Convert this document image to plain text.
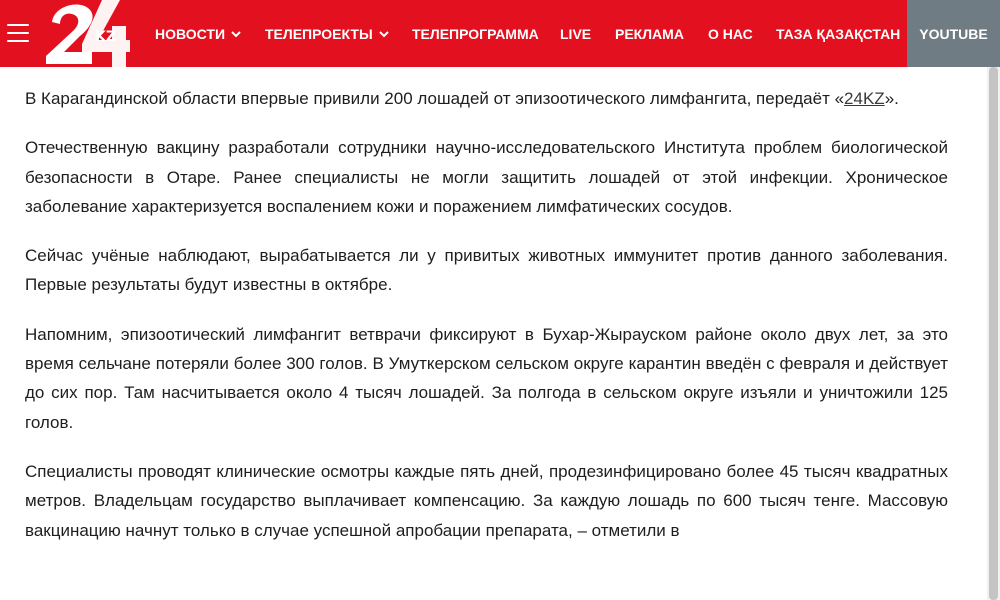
KZ	НОВОСТИ	ТЕЛЕПРОЕКТЫ	ТЕЛЕПРОГРАММА LIVE РЕКЛАМА О НАС ТАЗА ҚАЗАҚСТАН YOUTUBE

В Карагандинской области впервые привили 200 лошадей от эпизоотического лимфангита, передаёт «24KZ».

Отечественную вакцину разработали сотрудники научно-исследовательского Института проблем биологической безопасности в Отаре. Ранее специалисты не могли защитить лошадей от этой инфекции. Хроническое заболевание характеризуется воспалением кожи и поражением лимфатических сосудов.

Сейчас учёные наблюдают, вырабатывается ли у привитых животных иммунитет против данного заболевания. Первые результаты будут известны в октябре.

Напомним, эпизоотический лимфангит ветврачи фиксируют в Бухар-Жырауском районе около двух лет, за это время сельчане потеряли более 300 голов. В Умуткерском сельском округе карантин введён с февраля и действует до сих пор. Там насчитывается около 4 тысяч лошадей. За полгода в сельском округе изъяли и уничтожили 125 голов.

Специалисты проводят клинические осмотры каждые пять дней, продезинфицировано более 45 тысяч квадратных метров. Владельцам государство выплачивает компенсацию. За каждую лошадь по 600 тысяч тенге. Массовую вакцинацию начнут только в случае успешной апробации препарата, – отметили в
